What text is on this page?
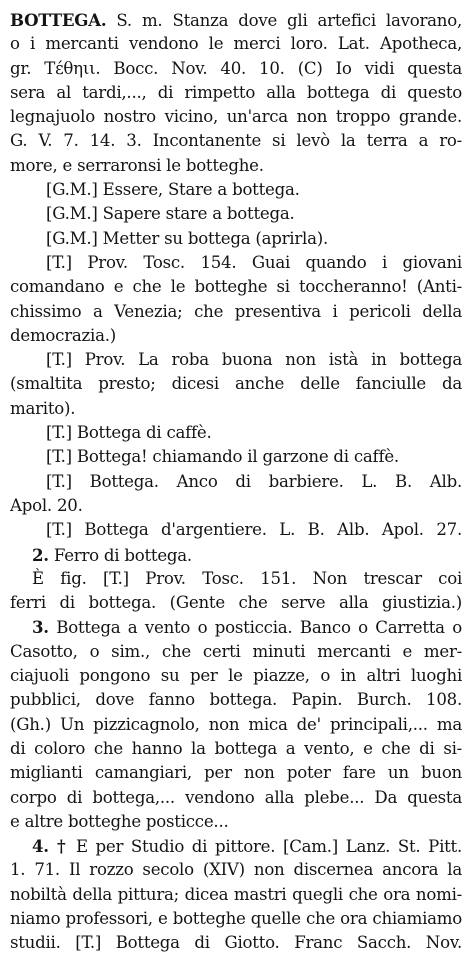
BOTTEGA. S. m. Stanza dove gli artefici lavorano,
o i mercanti vendono le merci loro. Lat. Apotheca,
gr. Τέθηιι. Bocc. Nov. 40. 10. (C) Io vidi questa
sera al tardi,..., di rimpetto alla bottega di questo
legnajuolo nostro vicino, un'arca non troppo grande.
G. V. 7. 14. 3. Incontanente si levò la terra a ro-
more, e serraronsi le botteghe.
[G.M.] Essere, Stare a bottega.
[G.M.] Sapere stare a bottega.
[G.M.] Metter su bottega (aprirla).
[T.] Prov. Tosc. 154. Guai quando i giovani
comandano e che le botteghe si toccheranno! (Anti-
chissimo a Venezia; che presentiva i pericoli della
democrazia.)
[T.] Prov. La roba buona non istà in bottega
(smaltita presto; dicesi anche delle fanciulle da
marito).
[T.] Bottega di caffè.
[T.] Bottega! chiamando il garzone di caffè.
[T.] Bottega. Anco di barbiere. L. B. Alb.
Apol. 20.
[T.] Bottega d'argentiere. L. B. Alb. Apol. 27.
2. Ferro di bottega.
È fig. [T.] Prov. Tosc. 151. Non trescar coi
ferri di bottega. (Gente che serve alla giustizia.)
3. Bottega a vento o posticcia. Banco o Carretta o
Casotto, o sim., che certi minuti mercanti e mer-
ciajuoli pongono su per le piazze, o in altri luoghi
pubblici, dove fanno bottega. Papin. Burch. 108.
(Gh.) Un pizzicagnolo, non mica de' principali,... ma
di coloro che hanno la bottega a vento, e che di si-
miglianti camangiari, per non poter fare un buon
corpo di bottega,... vendono alla plebe... Da questa
e altre botteghe posticce...
4. † E per Studio di pittore. [Cam.] Lanz. St. Pitt.
1. 71. Il rozzo secolo (XIV) non discernea ancora la
nobiltà della pittura; dicea mastri quegli che ora nomi-
niamo professori, e botteghe quelle che ora chiamiamo
studii. [T.] Bottega di Giotto. Franc Sacch. Nov.
